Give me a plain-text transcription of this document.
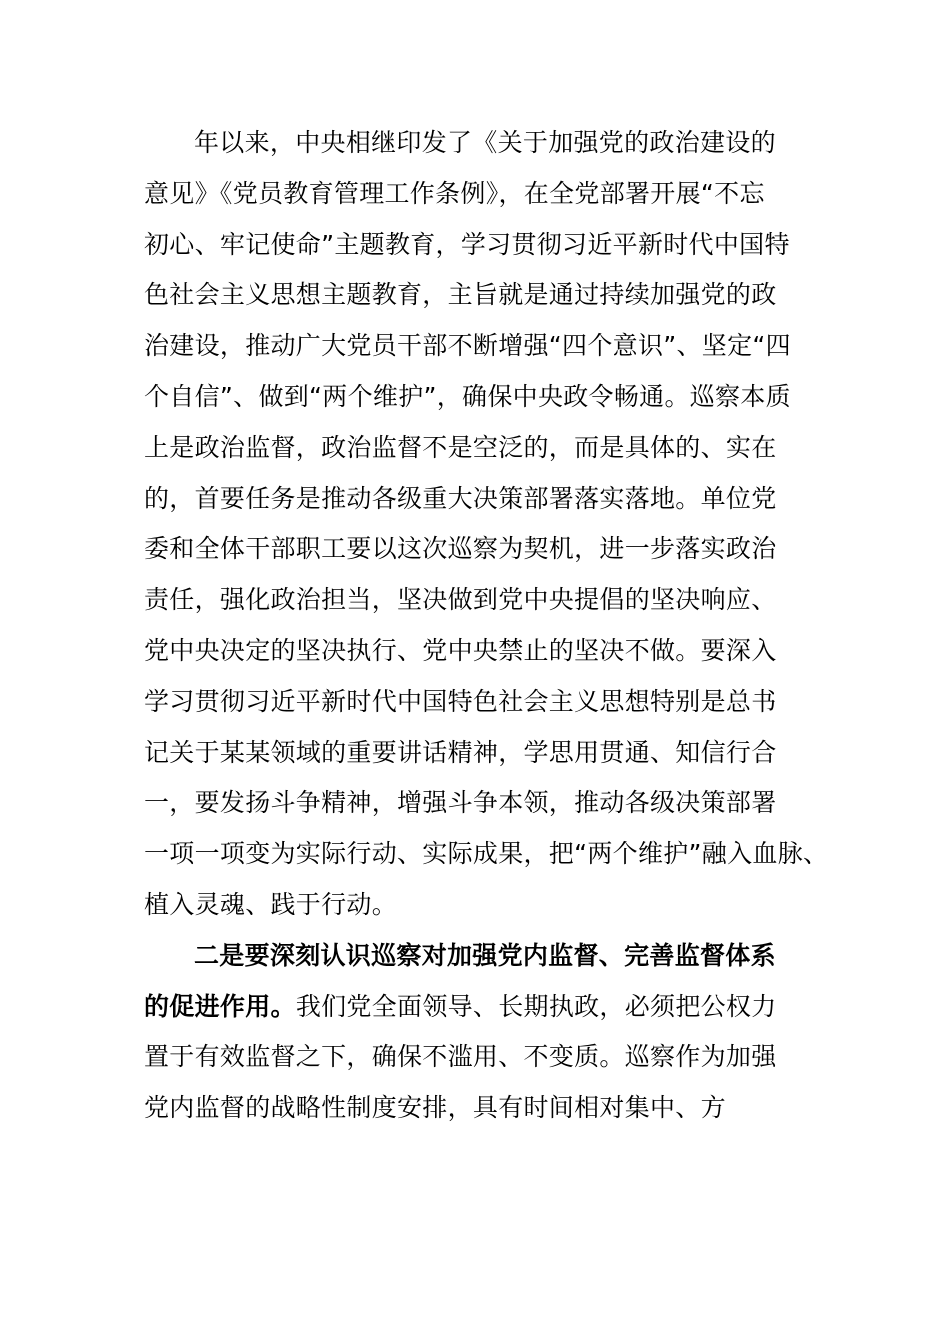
年以来，中央相继印发了《关于加强党的政治建设的
意见》《党员教育管理工作条例》，在全党部署开展“不忘
初心、牢记使命”主题教育，学习贯彻习近平新时代中国特
色社会主义思想主题教育，主旨就是通过持续加强党的政
治建设，推动广大党员干部不断增强“四个意识”、坚定“四
个自信”、做到“两个维护”，确保中央政令畅通。巡察本质
上是政治监督，政治监督不是空泛的，而是具体的、实在
的，首要任务是推动各级重大决策部署落实落地。单位党
委和全体干部职工要以这次巡察为契机，进一步落实政治
责任，强化政治担当，坚决做到党中央提倡的坚决响应、
党中央决定的坚决执行、党中央禁止的坚决不做。要深入
学习贯彻习近平新时代中国特色社会主义思想特别是总书
记关于某某领域的重要讲话精神，学思用贯通、知信行合
一，要发扬斗争精神，增强斗争本领，推动各级决策部署
一项一项变为实际行动、实际成果，把“两个维护”融入血脉、
植入灵魂、践于行动。
二是要深刻认识巡察对加强党内监督、完善监督体系
的促进作用。我们党全面领导、长期执政，必须把公权力
置于有效监督之下，确保不滥用、不变质。巡察作为加强
党内监督的战略性制度安排，具有时间相对集中、方
